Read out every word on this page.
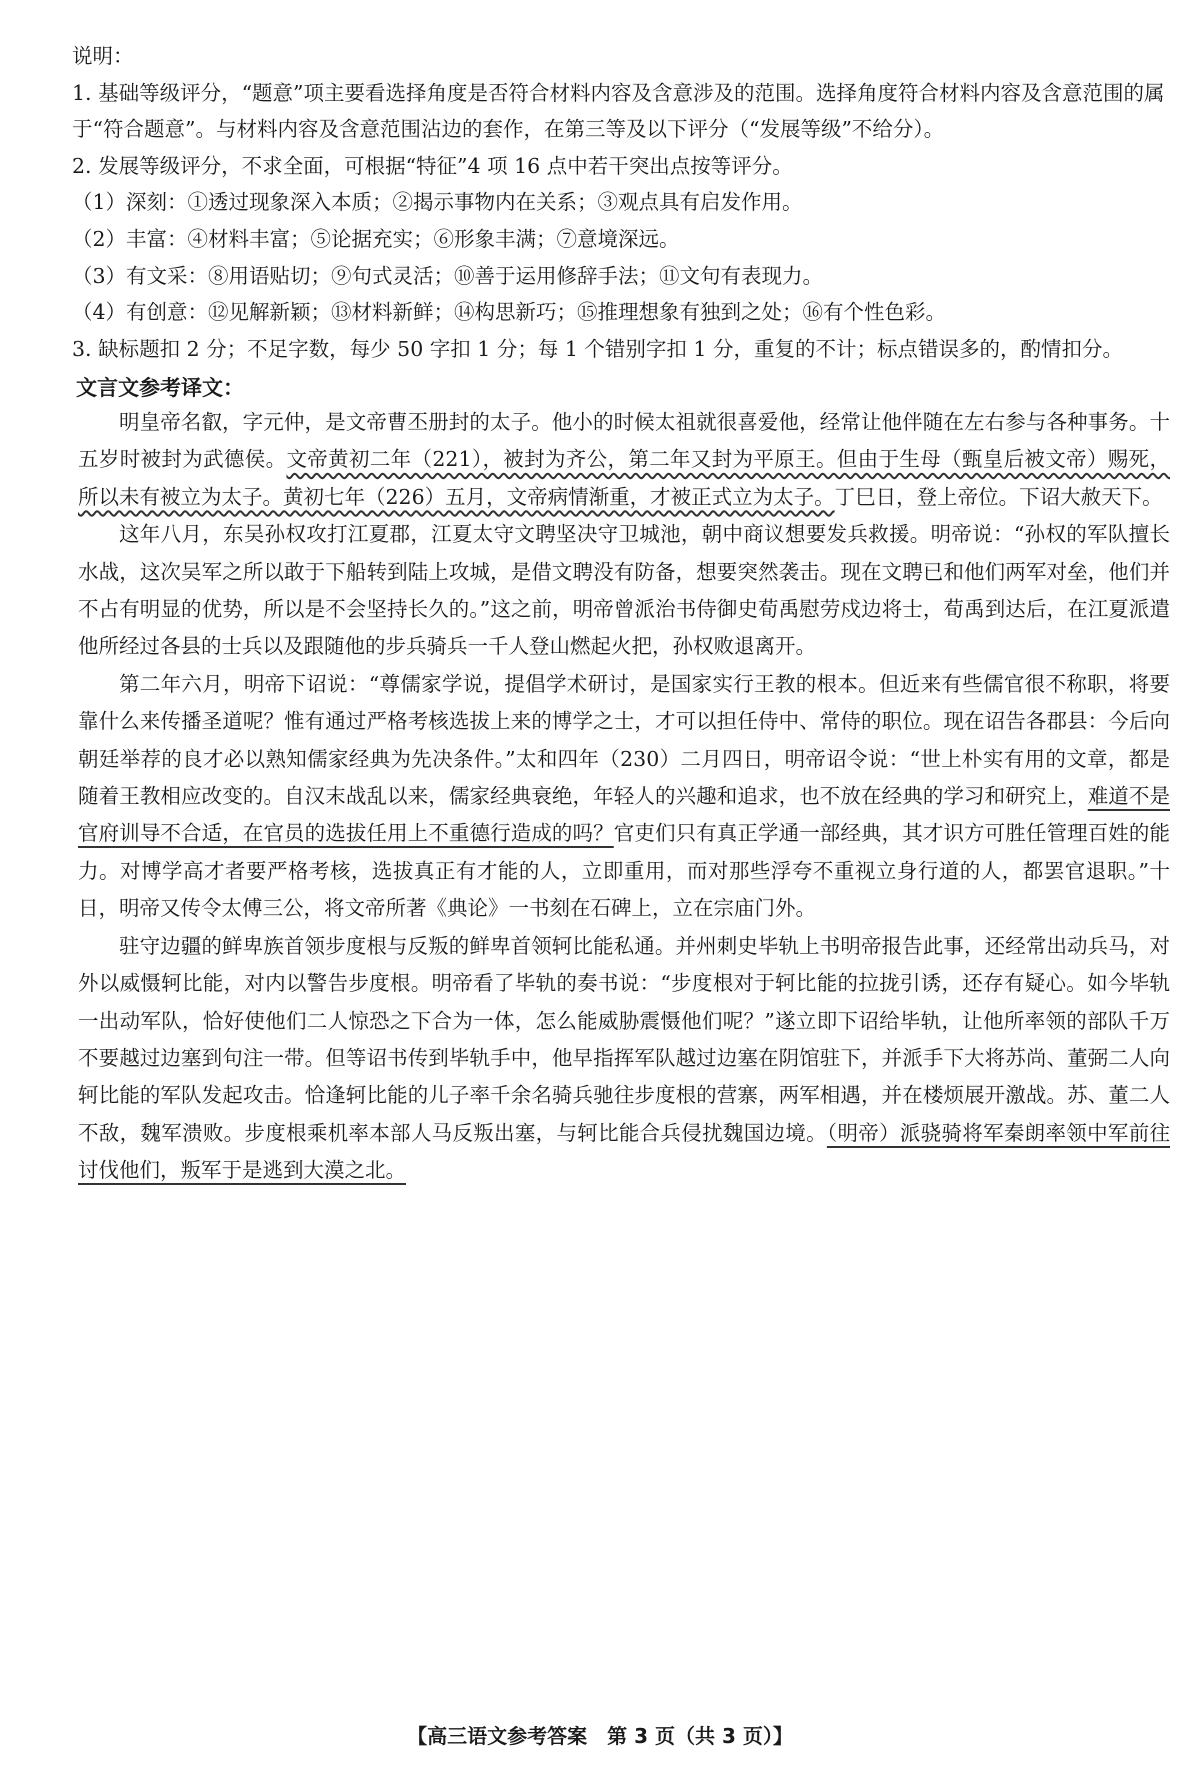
说明：

1. 基础等级评分，“题意”项主要看选择角度是否符合材料内容及含意涉及的范围。选择角度符合材料内容及含意范围的属于“符合题意”。与材料内容及含意范围沾边的套作，在第三等及以下评分（“发展等级”不给分）。

2. 发展等级评分，不求全面，可根据“特征”4 项 16 点中若干突出点按等评分。

（1）深刻：①透过现象深入本质；②揭示事物内在关系；③观点具有启发作用。

（2）丰富：④材料丰富；⑤论据充实；⑥形象丰满；⑦意境深远。

（3）有文采：⑧用语贴切；⑨句式灵活；⑩善于运用修辞手法；⑪文句有表现力。

（4）有创意：⑫见解新颖；⑬材料新鲜；⑭构思新巧；⑮推理想象有独到之处；⑯有个性色彩。

3. 缺标题扣 2 分；不足字数，每少 50 字扣 1 分；每 1 个错别字扣 1 分，重复的不计；标点错误多的，酌情扣分。

文言文参考译文：

明皇帝名叡，字元仲，是文帝曹丕册封的太子。他小的时候太祖就很喜爱他，经常让他伴随在左右参与各种事务。十五岁时被封为武德侯。文帝黄初二年（221），被封为齐公，第二年又封为平原王。但由于生母（甄皇后被文帝）赐死，所以未有被立为太子。黄初七年（226）五月，文帝病情渐重，才被正式立为太子。丁巳日，登上帝位。下诏大赦天下。

这年八月，东吴孙权攻打江夏郡，江夏太守文聘坚决守卫城池，朝中商议想要发兵救援。明帝说：“孙权的军队擅长水战，这次吴军之所以敢于下船转到陆上攻城，是借文聘没有防备，想要突然袭击。现在文聘已和他们两军对垒，他们并不占有明显的优势，所以是不会坚持长久的。”这之前，明帝曾派治书侍御史荀禹慰劳戍边将士，荀禹到达后，在江夏派遣他所经过各县的士兵以及跟随他的步兵骑兵一千人登山燃起火把，孙权败退离开。

第二年六月，明帝下诏说：“尊儒家学说，提倡学术研讨，是国家实行王教的根本。但近来有些儒官很不称职，将要靠什么来传播圣道呢？惟有通过严格考核选拔上来的博学之士，才可以担任侍中、常侍的职位。现在诏告各郡县：今后向朝廷举荐的良才必以熟知儒家经典为先决条件。”太和四年（230）二月四日，明帝诏令说：“世上朴实有用的文章，都是随着王教相应改变的。自汉末战乱以来，儒家经典衰绝，年轻人的兴趣和追求，也不放在经典的学习和研究上，难道不是官府训导不合适，在官员的选拔任用上不重德行造成的吗？官吏们只有真正学通一部经典，其才识方可胜任管理百姓的能力。对博学高才者要严格考核，选拔真正有才能的人，立即重用，而对那些浮夸不重视立身行道的人，都罢官退职。”十日，明帝又传令太傅三公，将文帝所著《典论》一书刻在石碑上，立在宗庙门外。

驻守边疆的鲜卑族首领步度根与反叛的鲜卑首领轲比能私通。并州刺史毕轨上书明帝报告此事，还经常出动兵马，对外以威慑轲比能，对内以警告步度根。明帝看了毕轨的奏书说：“步度根对于轲比能的拉拢引诱，还存有疑心。如今毕轨一出动军队，恰好使他们二人惊恐之下合为一体，怎么能威胁震慑他们呢？”遂立即下诏给毕轨，让他所率领的部队千万不要越过边塞到句注一带。但等诏书传到毕轨手中，他早指挥军队越过边塞在阴馆驻下，并派手下大将苏尚、董弼二人向轲比能的军队发起攻击。恰逢轲比能的儿子率千余名骑兵驰往步度根的营寨，两军相遇，并在楼烦展开激战。苏、董二人不敌，魏军溃败。步度根乘机率本部人马反叛出塞，与轲比能合兵侵扰魏国边境。（明帝）派骁骑将军秦朗率领中军前往讨伐他们，叛军于是逃到大漠之北。

【高三语文参考答案　第 3 页（共 3 页）】
